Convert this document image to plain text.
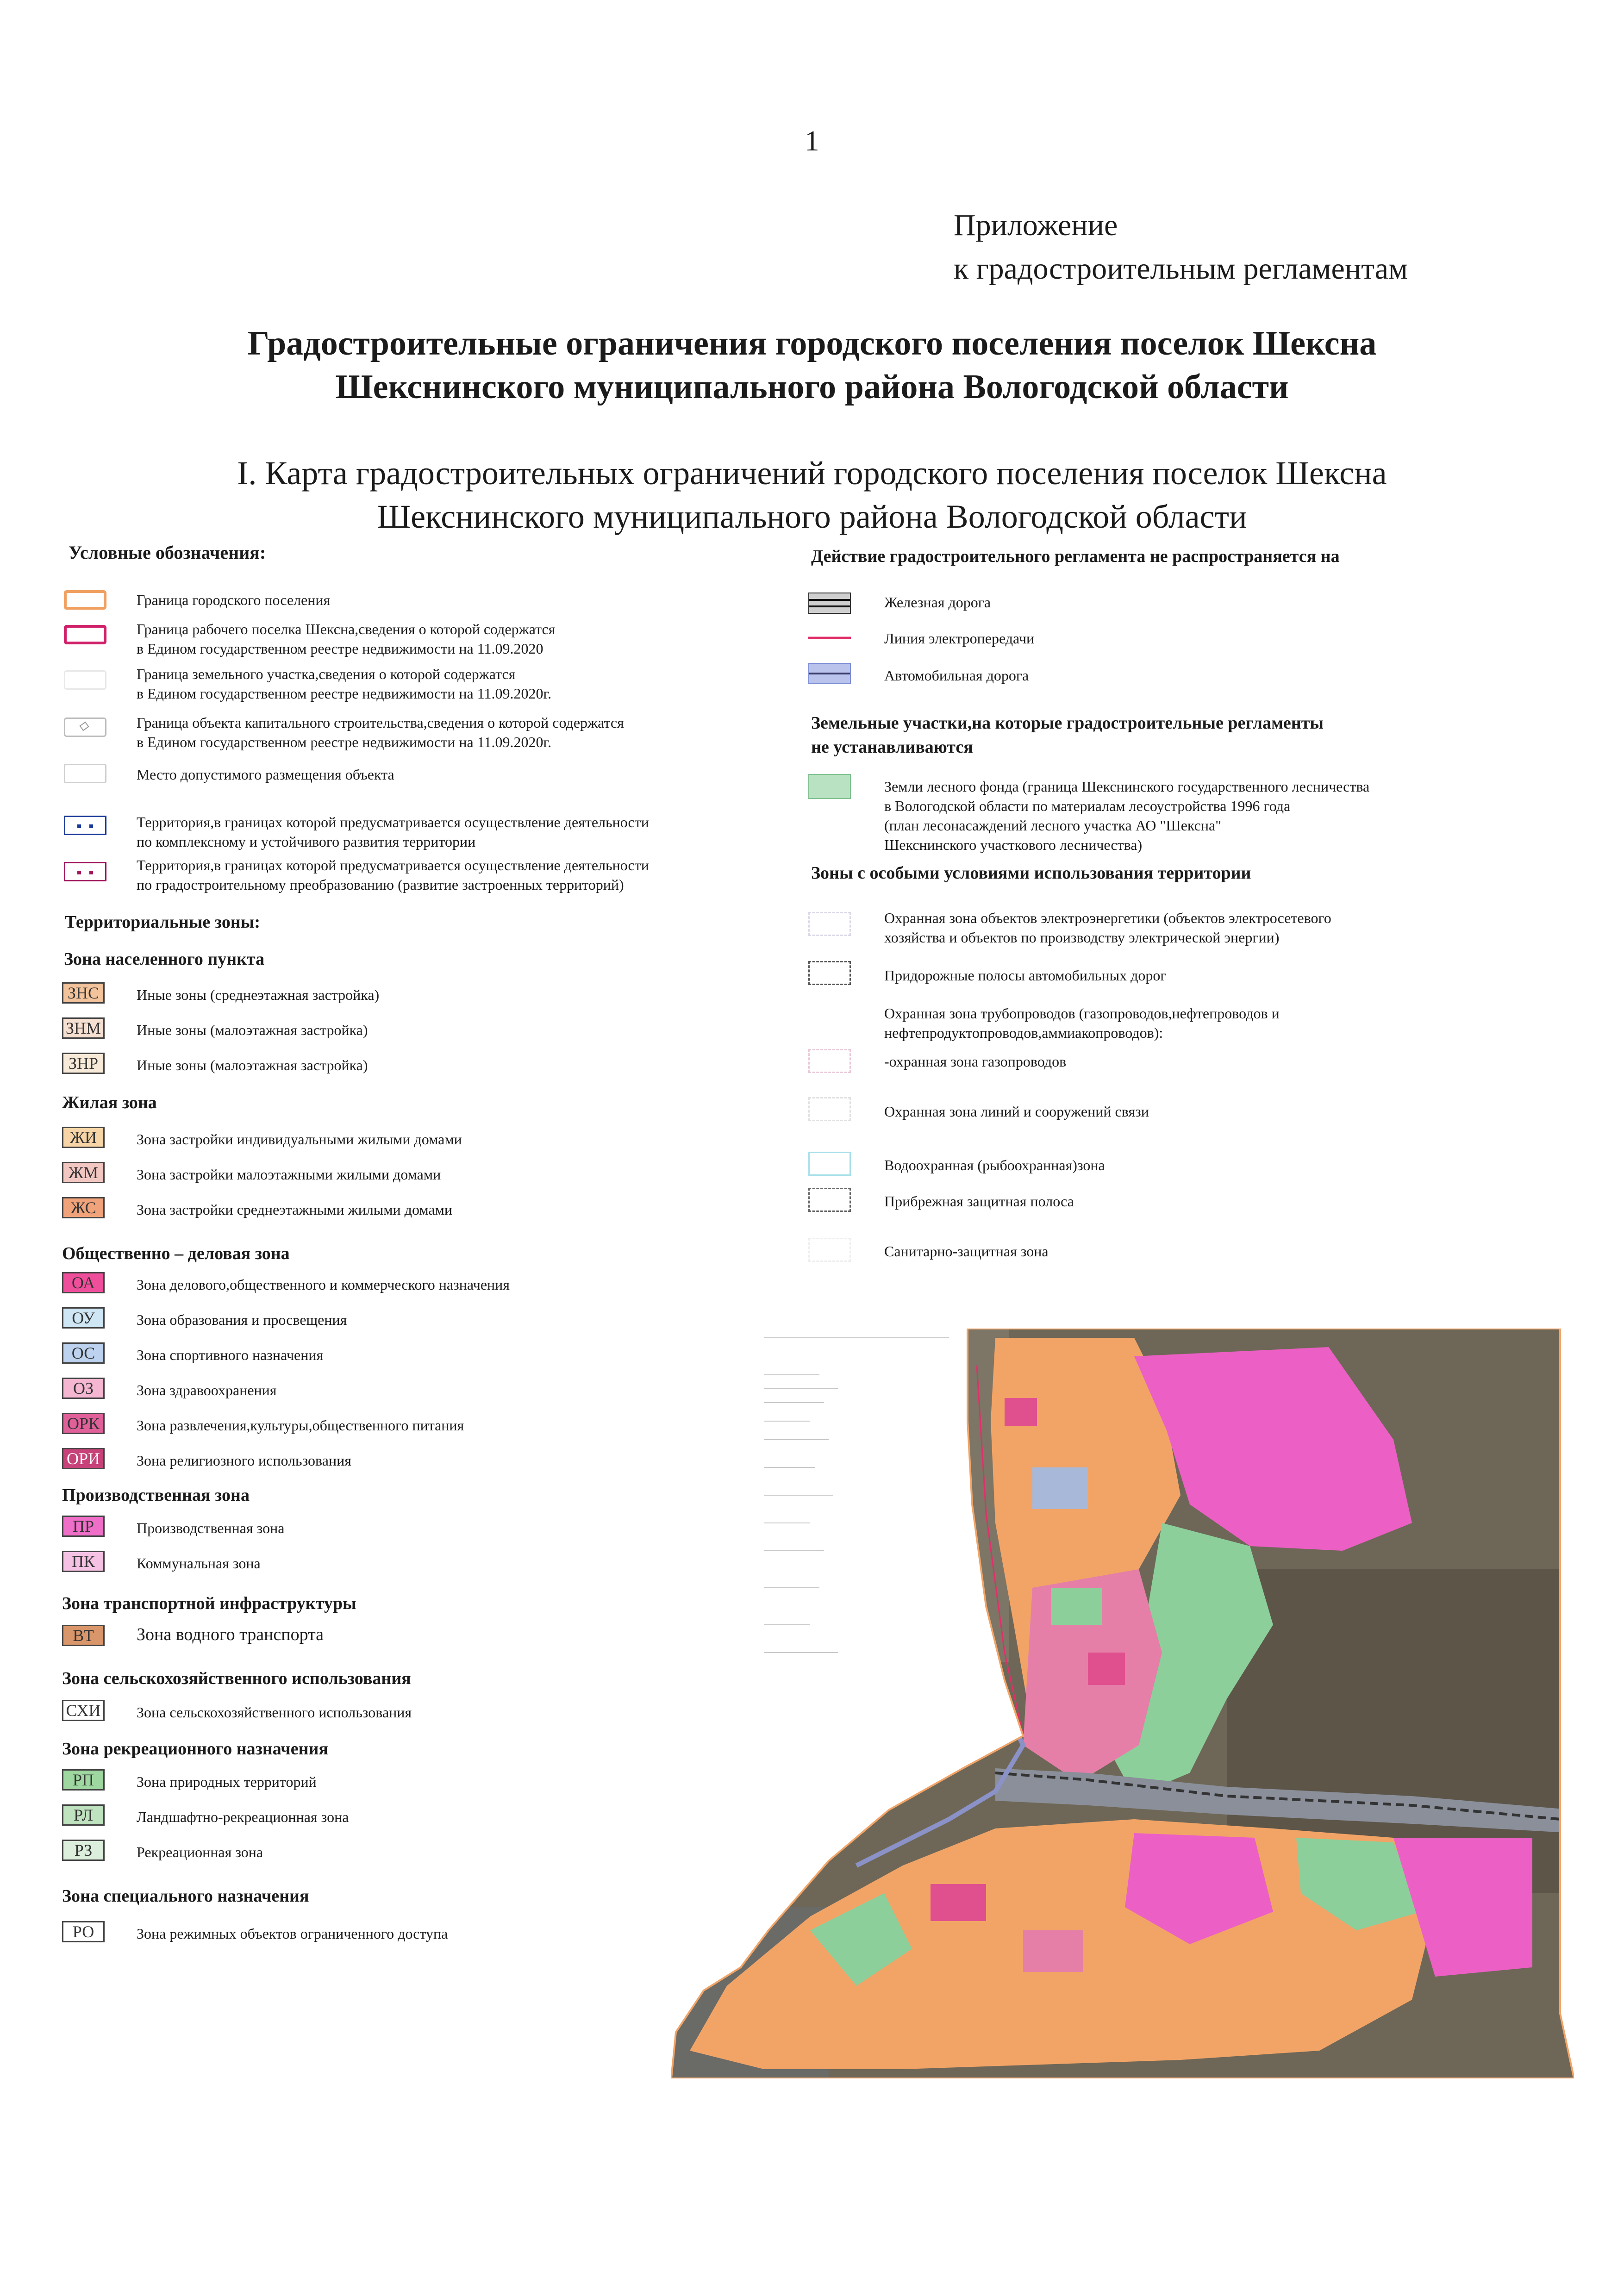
1
Приложение
к градостроительным регламентам
Градостроительные ограничения городского поселения поселок Шексна
Шекснинского муниципального района Вологодской области
I. Карта градостроительных ограничений городского поселения поселок Шексна
Шекснинского муниципального района Вологодской области
Условные обозначения:
Граница городского поселения
Граница рабочего поселка Шексна,сведения о которой содержатся
в Едином государственном реестре недвижимости на 11.09.2020
Граница земельного участка,сведения о которой содержатся
в Едином государственном реестре недвижимости на 11.09.2020г.
Граница объекта капитального строительства,сведения о которой содержатся
в Едином государственном реестре недвижимости на 11.09.2020г.
Место допустимого размещения объекта
Территория,в границах которой предусматривается осуществление деятельности
по комплексному и устойчивого развития территории
Территория,в границах которой предусматривается осуществление деятельности
по градостроительному преобразованию (развитие застроенных территорий)
Территориальные зоны:
Зона населенного пункта
ЗНС	Иные зоны (среднеэтажная застройка)
ЗНМ Иные зоны (малоэтажная застройка)
ЗНР	Иные зоны (малоэтажная застройка)
Жилая зона
ЖИ	Зона застройки индивидуальными жилыми домами
ЖМ	Зона застройки малоэтажными жилыми домами
ЖС	Зона застройки среднеэтажными жилыми домами
Общественно – деловая зона
ОА	Зона делового,общественного и коммерческого назначения
ОУ	Зона образования и просвещения
ОС	Зона спортивного назначения
ОЗ	Зона здравоохранения
ОРК	Зона развлечения,культуры,общественного питания
ОРИ	Зона религиозного использования
Производственная зона
ПР	Производственная зона
ПК	Коммунальная зона
Зона транспортной инфраструктуры
ВТ	Зона водного транспорта
Зона сельскохозяйственного использования
СХИ Зона сельскохозяйственного использования
Зона рекреационного назначения
РП	Зона природных территорий
РЛ	Ландшафтно-рекреационная зона
РЗ	Рекреационная зона
Зона специального назначения
РО	Зона режимных объектов ограниченного доступа
Действие градостроительного регламента не распространяется на
Железная дорога
Линия электропередачи
Автомобильная дорога
Земельные участки,на которые градостроительные регламенты
не устанавливаются
Земли лесного фонда (граница Шекснинского государственного лесничества
в Вологодской области по материалам лесоустройства 1996 года
(план лесонасаждений лесного участка АО "Шексна"
Шекснинского участкового лесничества)
Зоны с особыми условиями использования территории
Охранная зона объектов электроэнергетики (объектов электросетевого
хозяйства и объектов по производству электрической энергии)
Придорожные полосы автомобильных дорог
Охранная зона трубопроводов (газопроводов,нефтепроводов и
нефтепродуктопроводов,аммиакопроводов):
-охранная зона газопроводов
Охранная зона линий и сооружений связи
Водоохранная (рыбоохранная)зона
Прибрежная защитная полоса
Санитарно-защитная зона
